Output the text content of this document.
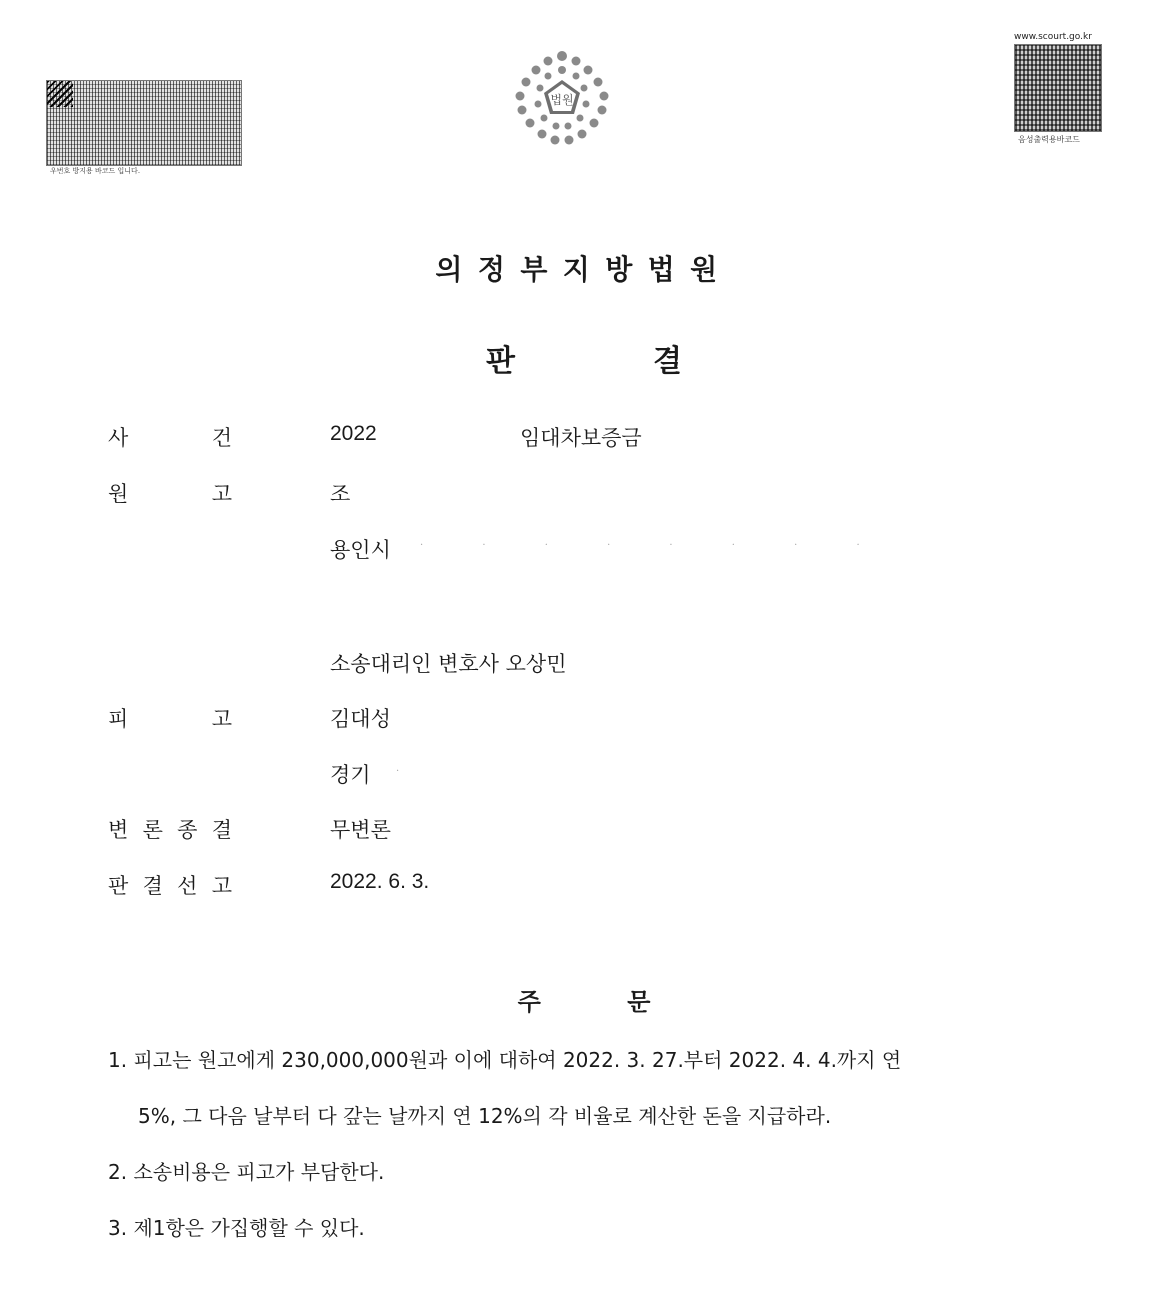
우번호 방지용 바코드 입니다.
법원
www.scourt.go.kr
음성출력용바코드
의정부지방법원
판결
사	건	2022	임대차보증금
원	고	조
용인시	· · · · · · · ·
소송대리인 변호사 오상민
피	고	김대성
경기	·
변 론 종 결	무변론
판 결 선 고	2022. 6. 3.
주문
1. 피고는 원고에게 230,000,000원과 이에 대하여 2022. 3. 27.부터 2022. 4. 4.까지 연
5%, 그 다음 날부터 다 갚는 날까지 연 12%의 각 비율로 계산한 돈을 지급하라.
2. 소송비용은 피고가 부담한다.
3. 제1항은 가집행할 수 있다.
